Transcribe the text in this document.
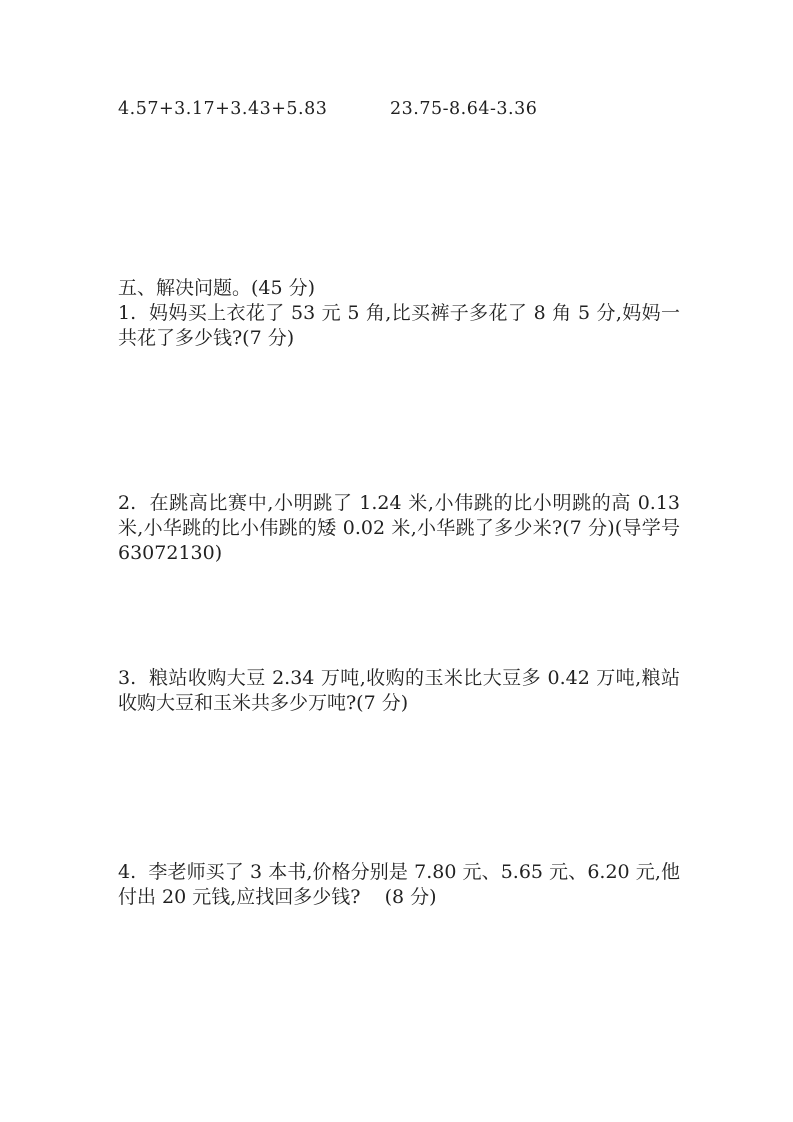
4.57+3.17+3.43+5.83	23.75-8.64-3.36

五、解决问题。(45 分)

1.  妈妈买上衣花了 53 元 5 角,比买裤子多花了 8 角 5 分,妈妈一共花了多少钱?(7 分)

2.  在跳高比赛中,小明跳了 1.24 米,小伟跳的比小明跳的高 0.13 米,小华跳的比小伟跳的矮 0.02 米,小华跳了多少米?(7 分)(导学号   63072130)

3.  粮站收购大豆 2.34 万吨,收购的玉米比大豆多 0.42 万吨,粮站收购大豆和玉米共多少万吨?(7 分)

4.  李老师买了 3 本书,价格分别是 7.80 元、5.65 元、6.20 元,他付出 20 元钱,应找回多少钱?    (8 分)
